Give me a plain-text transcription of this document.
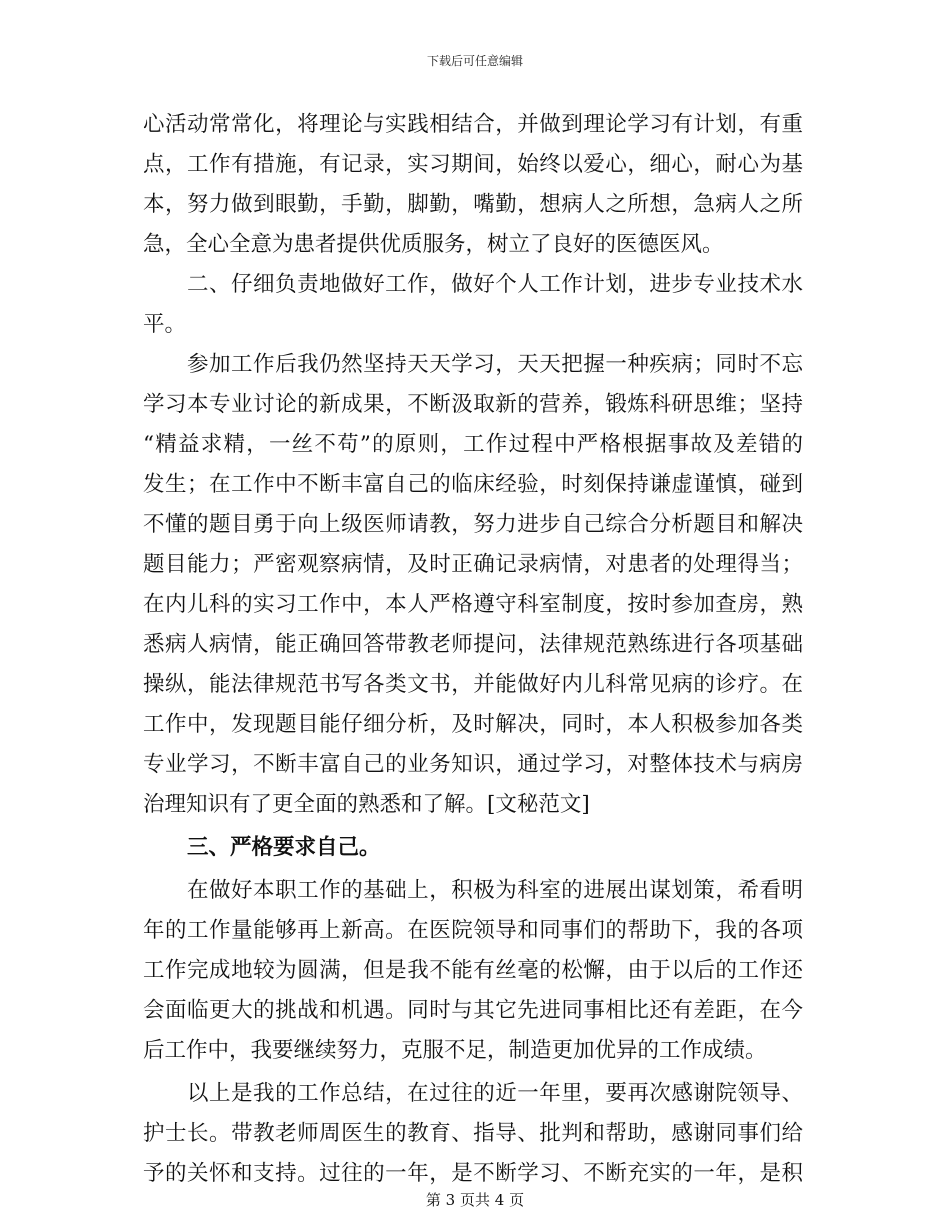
下载后可任意编辑
心活动常常化，将理论与实践相结合，并做到理论学习有计划，有重
点，工作有措施，有记录，实习期间，始终以爱心，细心，耐心为基
本，努力做到眼勤，手勤，脚勤，嘴勤，想病人之所想，急病人之所
急，全心全意为患者提供优质服务，树立了良好的医德医风。
二、仔细负责地做好工作，做好个人工作计划，进步专业技术水
平。
参加工作后我仍然坚持天天学习，天天把握一种疾病；同时不忘
学习本专业讨论的新成果，不断汲取新的营养，锻炼科研思维；坚持
“精益求精，一丝不苟”的原则，工作过程中严格根据事故及差错的
发生；在工作中不断丰富自己的临床经验，时刻保持谦虚谨慎，碰到
不懂的题目勇于向上级医师请教，努力进步自己综合分析题目和解决
题目能力；严密观察病情，及时正确记录病情，对患者的处理得当；
在内儿科的实习工作中，本人严格遵守科室制度，按时参加查房，熟
悉病人病情，能正确回答带教老师提问，法律规范熟练进行各项基础
操纵，能法律规范书写各类文书，并能做好内儿科常见病的诊疗。在
工作中，发现题目能仔细分析，及时解决，同时，本人积极参加各类
专业学习，不断丰富自己的业务知识，通过学习，对整体技术与病房
治理知识有了更全面的熟悉和了解。[文秘范文]
三、严格要求自己。
在做好本职工作的基础上，积极为科室的进展出谋划策，希看明
年的工作量能够再上新高。在医院领导和同事们的帮助下，我的各项
工作完成地较为圆满，但是我不能有丝毫的松懈，由于以后的工作还
会面临更大的挑战和机遇。同时与其它先进同事相比还有差距，在今
后工作中，我要继续努力，克服不足，制造更加优异的工作成绩。
以上是我的工作总结，在过往的近一年里，要再次感谢院领导、
护士长。带教老师周医生的教育、指导、批判和帮助，感谢同事们给
予的关怀和支持。过往的一年，是不断学习、不断充实的一年，是积
第 3 页共 4 页
